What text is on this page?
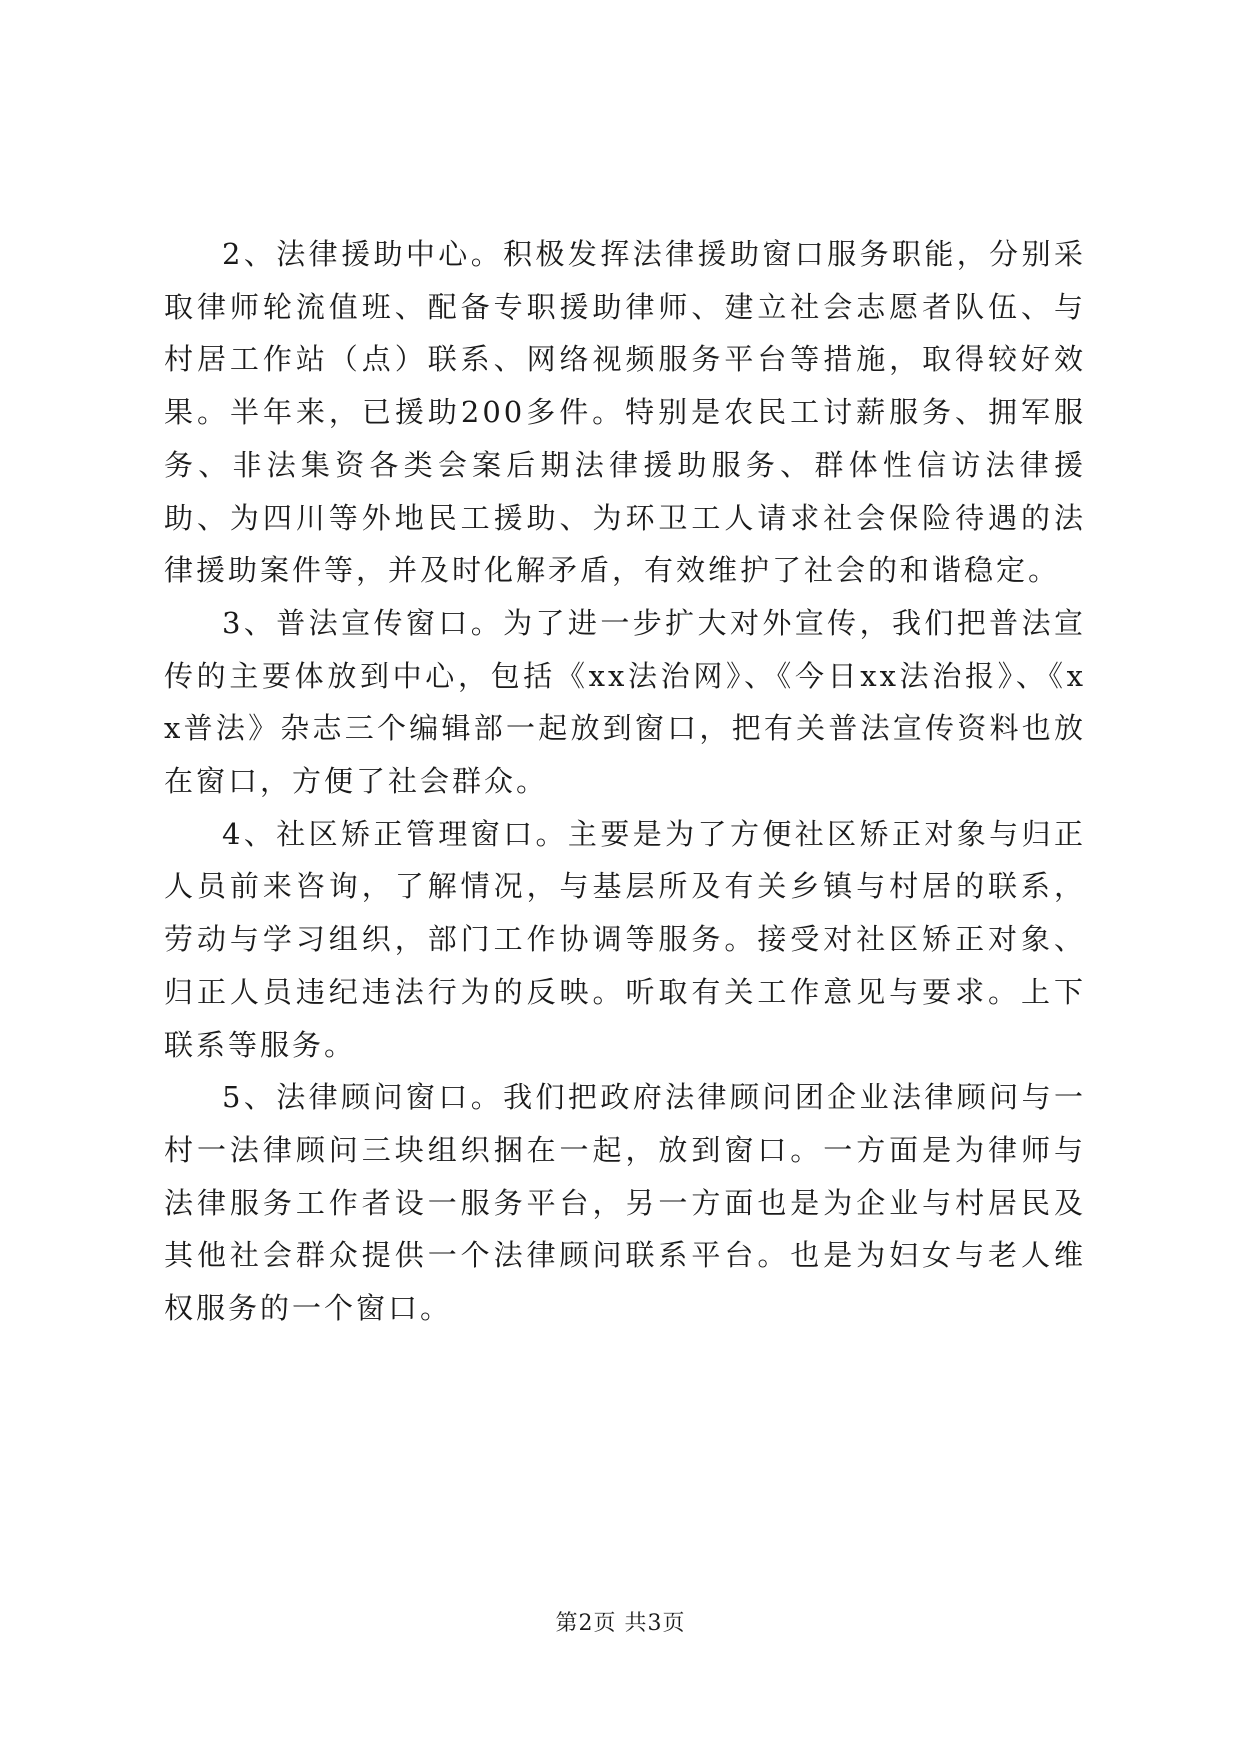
2、法律援助中心。积极发挥法律援助窗口服务职能，分别采取律师轮流值班、配备专职援助律师、建立社会志愿者队伍、与村居工作站（点）联系、网络视频服务平台等措施，取得较好效果。半年来，已援助200多件。特别是农民工讨薪服务、拥军服务、非法集资各类会案后期法律援助服务、群体性信访法律援助、为四川等外地民工援助、为环卫工人请求社会保险待遇的法律援助案件等，并及时化解矛盾，有效维护了社会的和谐稳定。

3、普法宣传窗口。为了进一步扩大对外宣传，我们把普法宣传的主要体放到中心，包括《xx法治网》、《今日xx法治报》、《xx普法》杂志三个编辑部一起放到窗口，把有关普法宣传资料也放在窗口，方便了社会群众。

4、社区矫正管理窗口。主要是为了方便社区矫正对象与归正人员前来咨询，了解情况，与基层所及有关乡镇与村居的联系，劳动与学习组织，部门工作协调等服务。接受对社区矫正对象、归正人员违纪违法行为的反映。听取有关工作意见与要求。上下联系等服务。

5、法律顾问窗口。我们把政府法律顾问团企业法律顾问与一村一法律顾问三块组织捆在一起，放到窗口。一方面是为律师与法律服务工作者设一服务平台，另一方面也是为企业与村居民及其他社会群众提供一个法律顾问联系平台。也是为妇女与老人维权服务的一个窗口。

第2页 共3页
